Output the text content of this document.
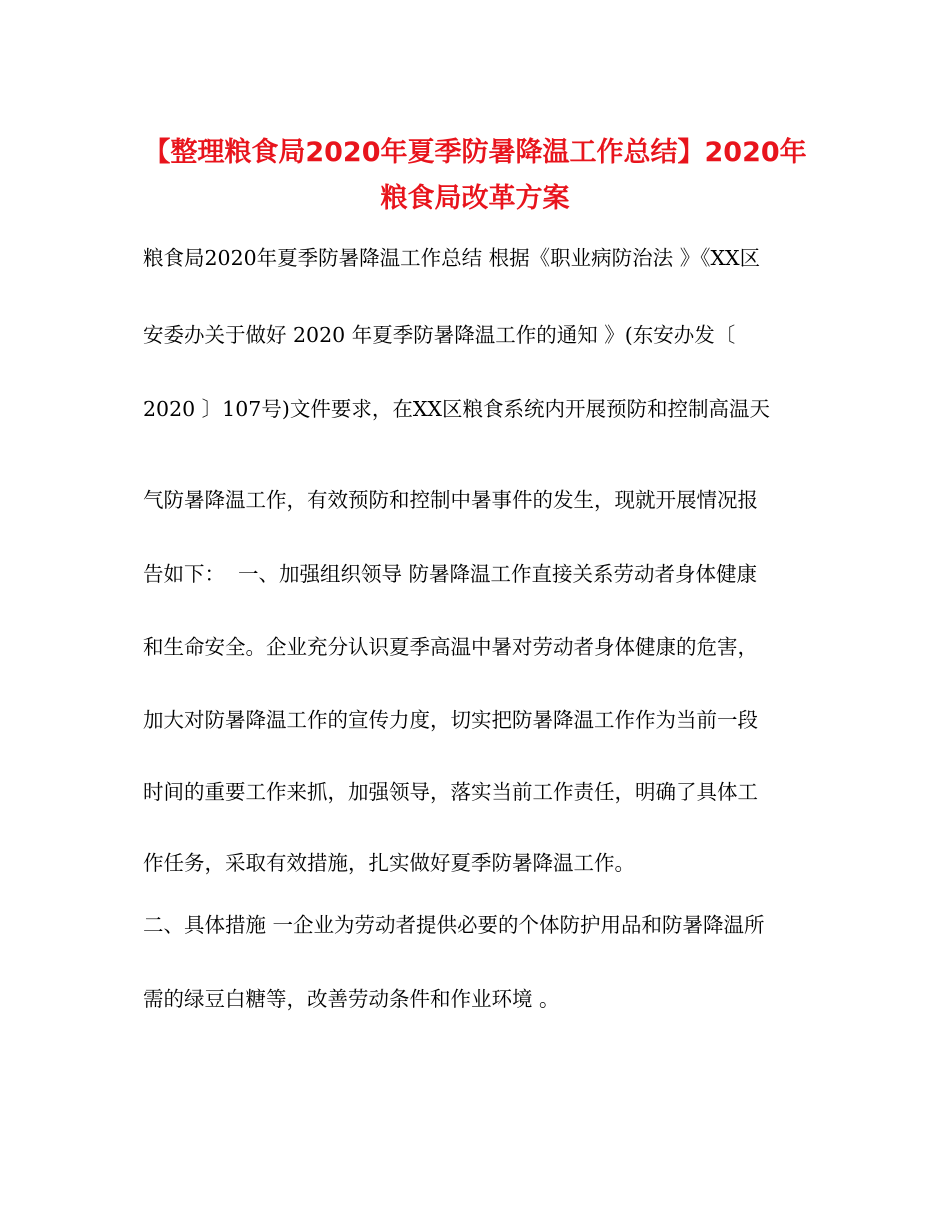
【整理粮食局2020年夏季防暑降温工作总结】2020年
粮食局改革方案

粮食局2020年夏季防暑降温工作总结 根据《职业病防治法 》《XX区

安委办关于做好 2020 年夏季防暑降温工作的通知 》(东安办发〔

2020 〕107号)文件要求，在XX区粮食系统内开展预防和控制高温天

气防暑降温工作，有效预防和控制中暑事件的发生，现就开展情况报

告如下：  一、加强组织领导 防暑降温工作直接关系劳动者身体健康

和生命安全。企业充分认识夏季高温中暑对劳动者身体健康的危害，

加大对防暑降温工作的宣传力度，切实把防暑降温工作作为当前一段

时间的重要工作来抓，加强领导，落实当前工作责任，明确了具体工

作任务，采取有效措施，扎实做好夏季防暑降温工作。

二、具体措施 一企业为劳动者提供必要的个体防护用品和防暑降温所

需的绿豆白糖等，改善劳动条件和作业环境 。
